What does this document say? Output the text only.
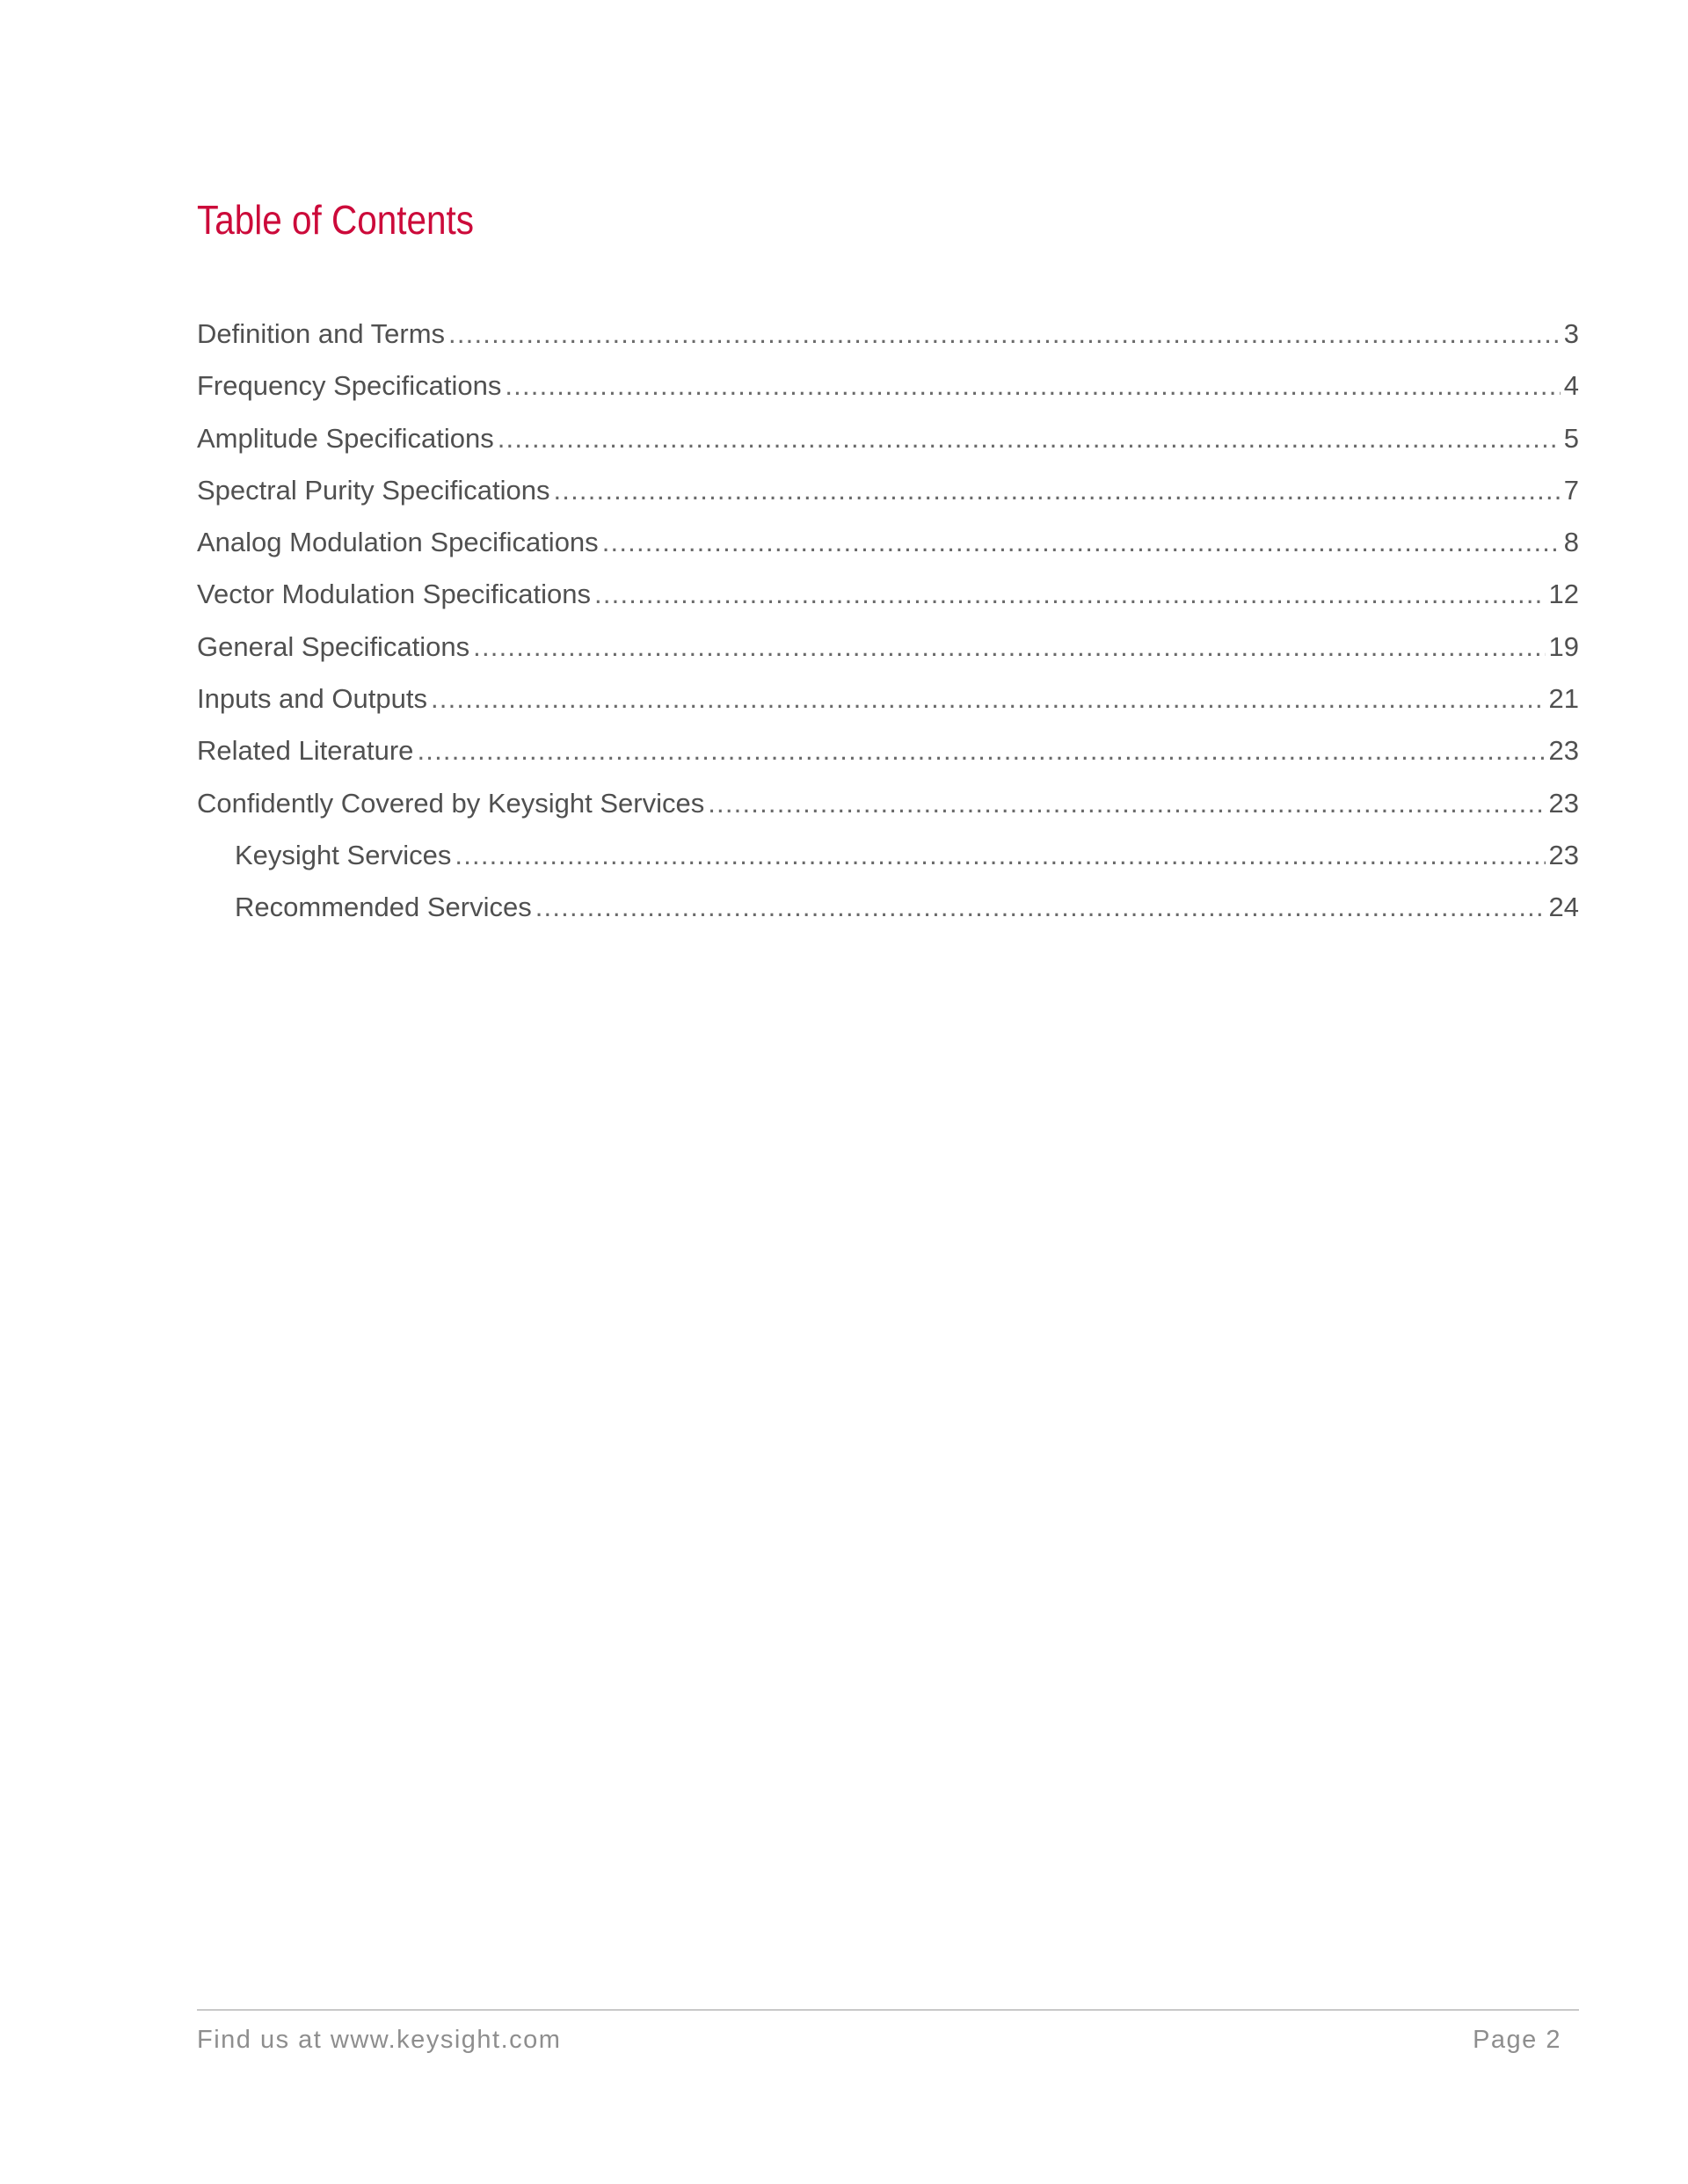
Table of Contents
Definition and Terms .....	3
Frequency Specifications .....	4
Amplitude Specifications .....	5
Spectral Purity Specifications .....	7
Analog Modulation Specifications .....	8
Vector Modulation Specifications .....	12
General Specifications .....	19
Inputs and Outputs .....	21
Related Literature .....	23
Confidently Covered by Keysight Services .....	23
Keysight Services .....	23
Recommended Services .....	24
Find us at www.keysight.com	Page 2
